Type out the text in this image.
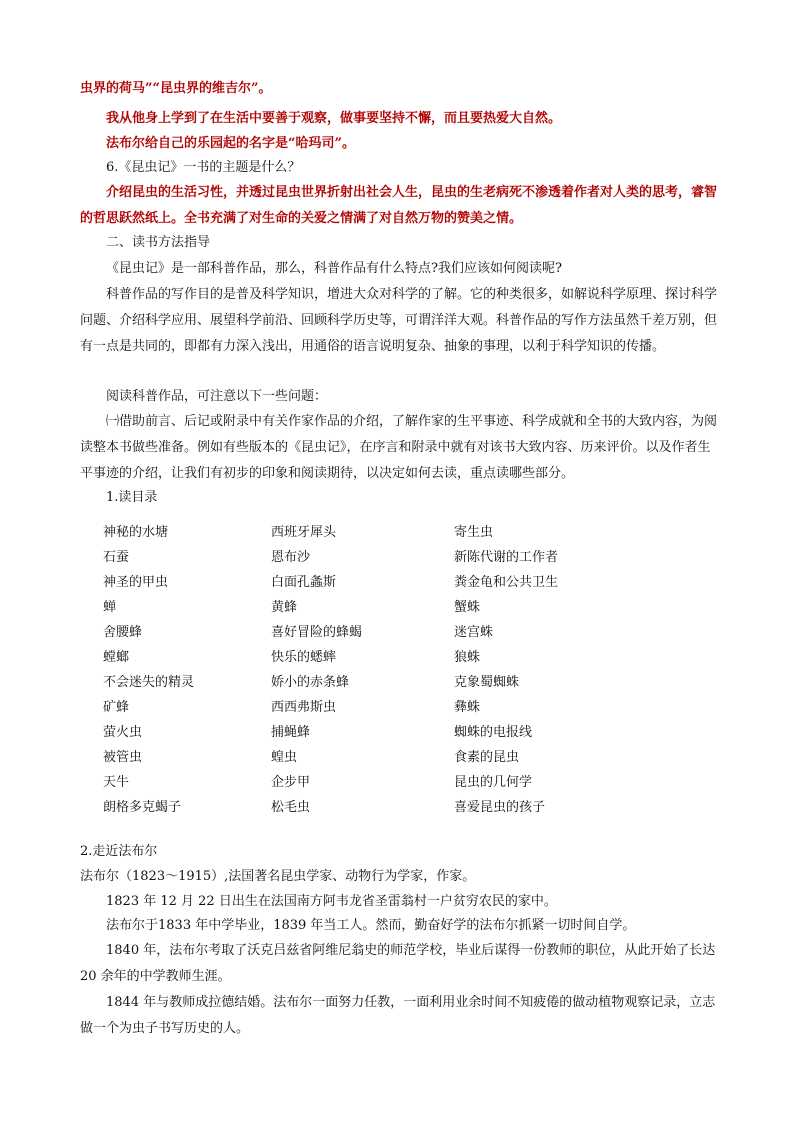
虫界的荷马”“昆虫界的维吉尔”。

我从他身上学到了在生活中要善于观察，做事要坚持不懈，而且要热爱大自然。

法布尔给自己的乐园起的名字是“哈玛司”。

6.《昆虫记》一书的主题是什么？

介绍昆虫的生活习性，并透过昆虫世界折射出社会人生，昆虫的生老病死不渗透着作者对人类的思考，睿智的哲思跃然纸上。全书充满了对生命的关爱之情满了对自然万物的赞美之情。

二、读书方法指导

《昆虫记》是一部科普作品，那么，科普作品有什么特点?我们应该如何阅读呢?

科普作品的写作目的是普及科学知识，增进大众对科学的了解。它的种类很多，如解说科学原理、探讨科学问题、介绍科学应用、展望科学前沿、回顾科学历史等，可谓洋洋大观。科普作品的写作方法虽然千差万别，但有一点是共同的，即都有力深入浅出，用通俗的语言说明复杂、抽象的事理，以利于科学知识的传播。

阅读科普作品，可注意以下一些问题：

㈠借助前言、后记或附录中有关作家作品的介绍，了解作家的生平事迹、科学成就和全书的大致内容，为阅读整本书做些准备。例如有些版本的《昆虫记》，在序言和附录中就有对该书大致内容、历来评价。以及作者生平事迹的介绍，让我们有初步的印象和阅读期待，以决定如何去读，重点读哪些部分。

1.读目录

神秘的水塘	西班牙犀头	寄生虫
石蚕	恩布沙	新陈代谢的工作者
神圣的甲虫	白面孔螽斯	粪金龟和公共卫生
蝉	黄蜂	蟹蛛
舍腰蜂	喜好冒险的蜂蝎	迷宫蛛
螳螂	快乐的蟋蟀	狼蛛
不会迷失的精灵	娇小的赤条蜂	克象蜀蜘蛛
矿蜂	西西弗斯虫	彝蛛
萤火虫	捕蝇蜂	蜘蛛的电报线
被管虫	蝗虫	食素的昆虫
天牛	企步甲	昆虫的几何学
朗格多克蝎子	松毛虫	喜爱昆虫的孩子

2.走近法布尔

法布尔（1823～1915）,法国著名昆虫学家、动物行为学家，作家。

1823 年 12 月 22 日出生在法国南方阿韦龙省圣雷翁村一户贫穷农民的家中。

法布尔于1833 年中学毕业，1839 年当工人。然而，勤奋好学的法布尔抓紧一切时间自学。

1840 年，法布尔考取了沃克吕兹省阿维尼翁史的师范学校，毕业后谋得一份教师的职位，从此开始了长达 20 余年的中学教师生涯。

1844 年与教师成拉德结婚。法布尔一面努力任教，一面利用业余时间不知疲倦的做动植物观察记录，立志做一个为虫子书写历史的人。
